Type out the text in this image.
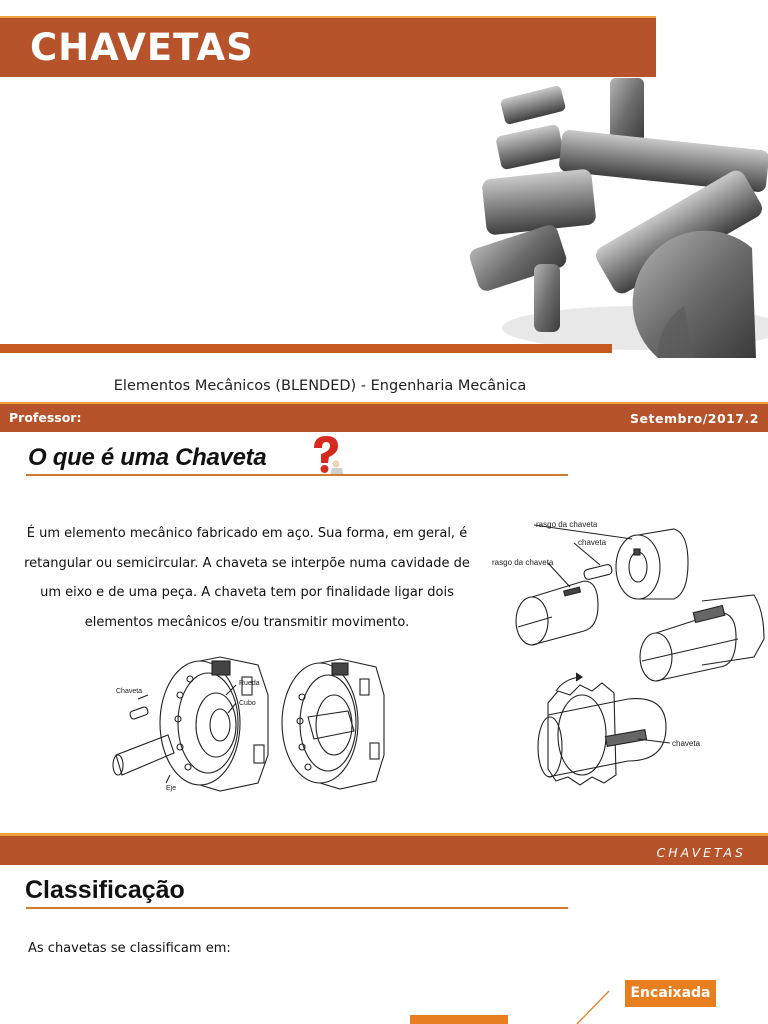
CHAVETAS
Elementos Mecânicos (BLENDED) - Engenharia Mecânica
Professor:	Setembro/2017.2
O que é uma Chaveta
É um elemento mecânico fabricado em aço. Sua forma, em geral, é retangular ou semicircular. A chaveta se interpõe numa cavidade de um eixo e de uma peça. A chaveta tem por finalidade ligar dois elementos mecânicos e/ou transmitir movimento.
Chaveta
Rueda
Cubo
Eje
rasgo da chaveta
chaveta
rasgo da chaveta
chaveta
CHAVETAS
Classificação
As chavetas se classificam em:
Encaixada
